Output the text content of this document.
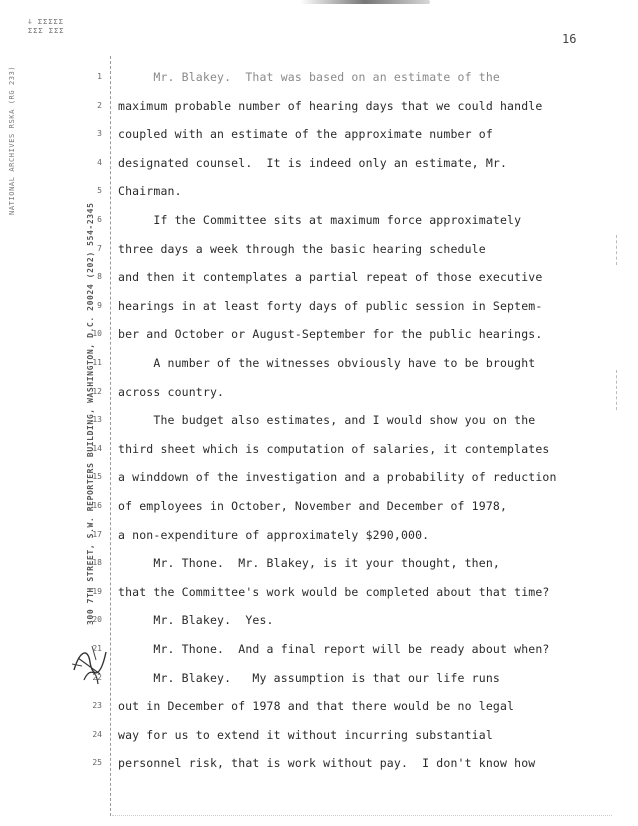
ↆ ΣΣΣΣΣ
ΣΣΣ ΣΣΣ
16
NATIONAL ARCHIVES RSKA (RG 233)
300 7TH STREET, S.W. REPORTERS BUILDING, WASHINGTON, D.C. 20024 (202) 554-2345
1 Mr. Blakey.  That was based on an estimate of the
2 maximum probable number of hearing days that we could handle
3 coupled with an estimate of the approximate number of
4 designated counsel.  It is indeed only an estimate, Mr.
5 Chairman.
6 If the Committee sits at maximum force approximately
7 three days a week through the basic hearing schedule
8 and then it contemplates a partial repeat of those executive
9 hearings in at least forty days of public session in Septem-
10 ber and October or August-September for the public hearings.
11 A number of the witnesses obviously have to be brought
12 across country.
13 The budget also estimates, and I would show you on the
14 third sheet which is computation of salaries, it contemplates
15 a winddown of the investigation and a probability of reduction
16 of employees in October, November and December of 1978,
17 a non-expenditure of approximately $290,000.
18 Mr. Thone.  Mr. Blakey, is it your thought, then,
19 that the Committee's work would be completed about that time?
20 Mr. Blakey.  Yes.
21 Mr. Thone.  And a final report will be ready about when?
22 Mr. Blakey.   My assumption is that our life runs
23 out in December of 1978 and that there would be no legal
24 way for us to extend it without incurring substantial
25 personnel risk, that is work without pay.  I don't know how
